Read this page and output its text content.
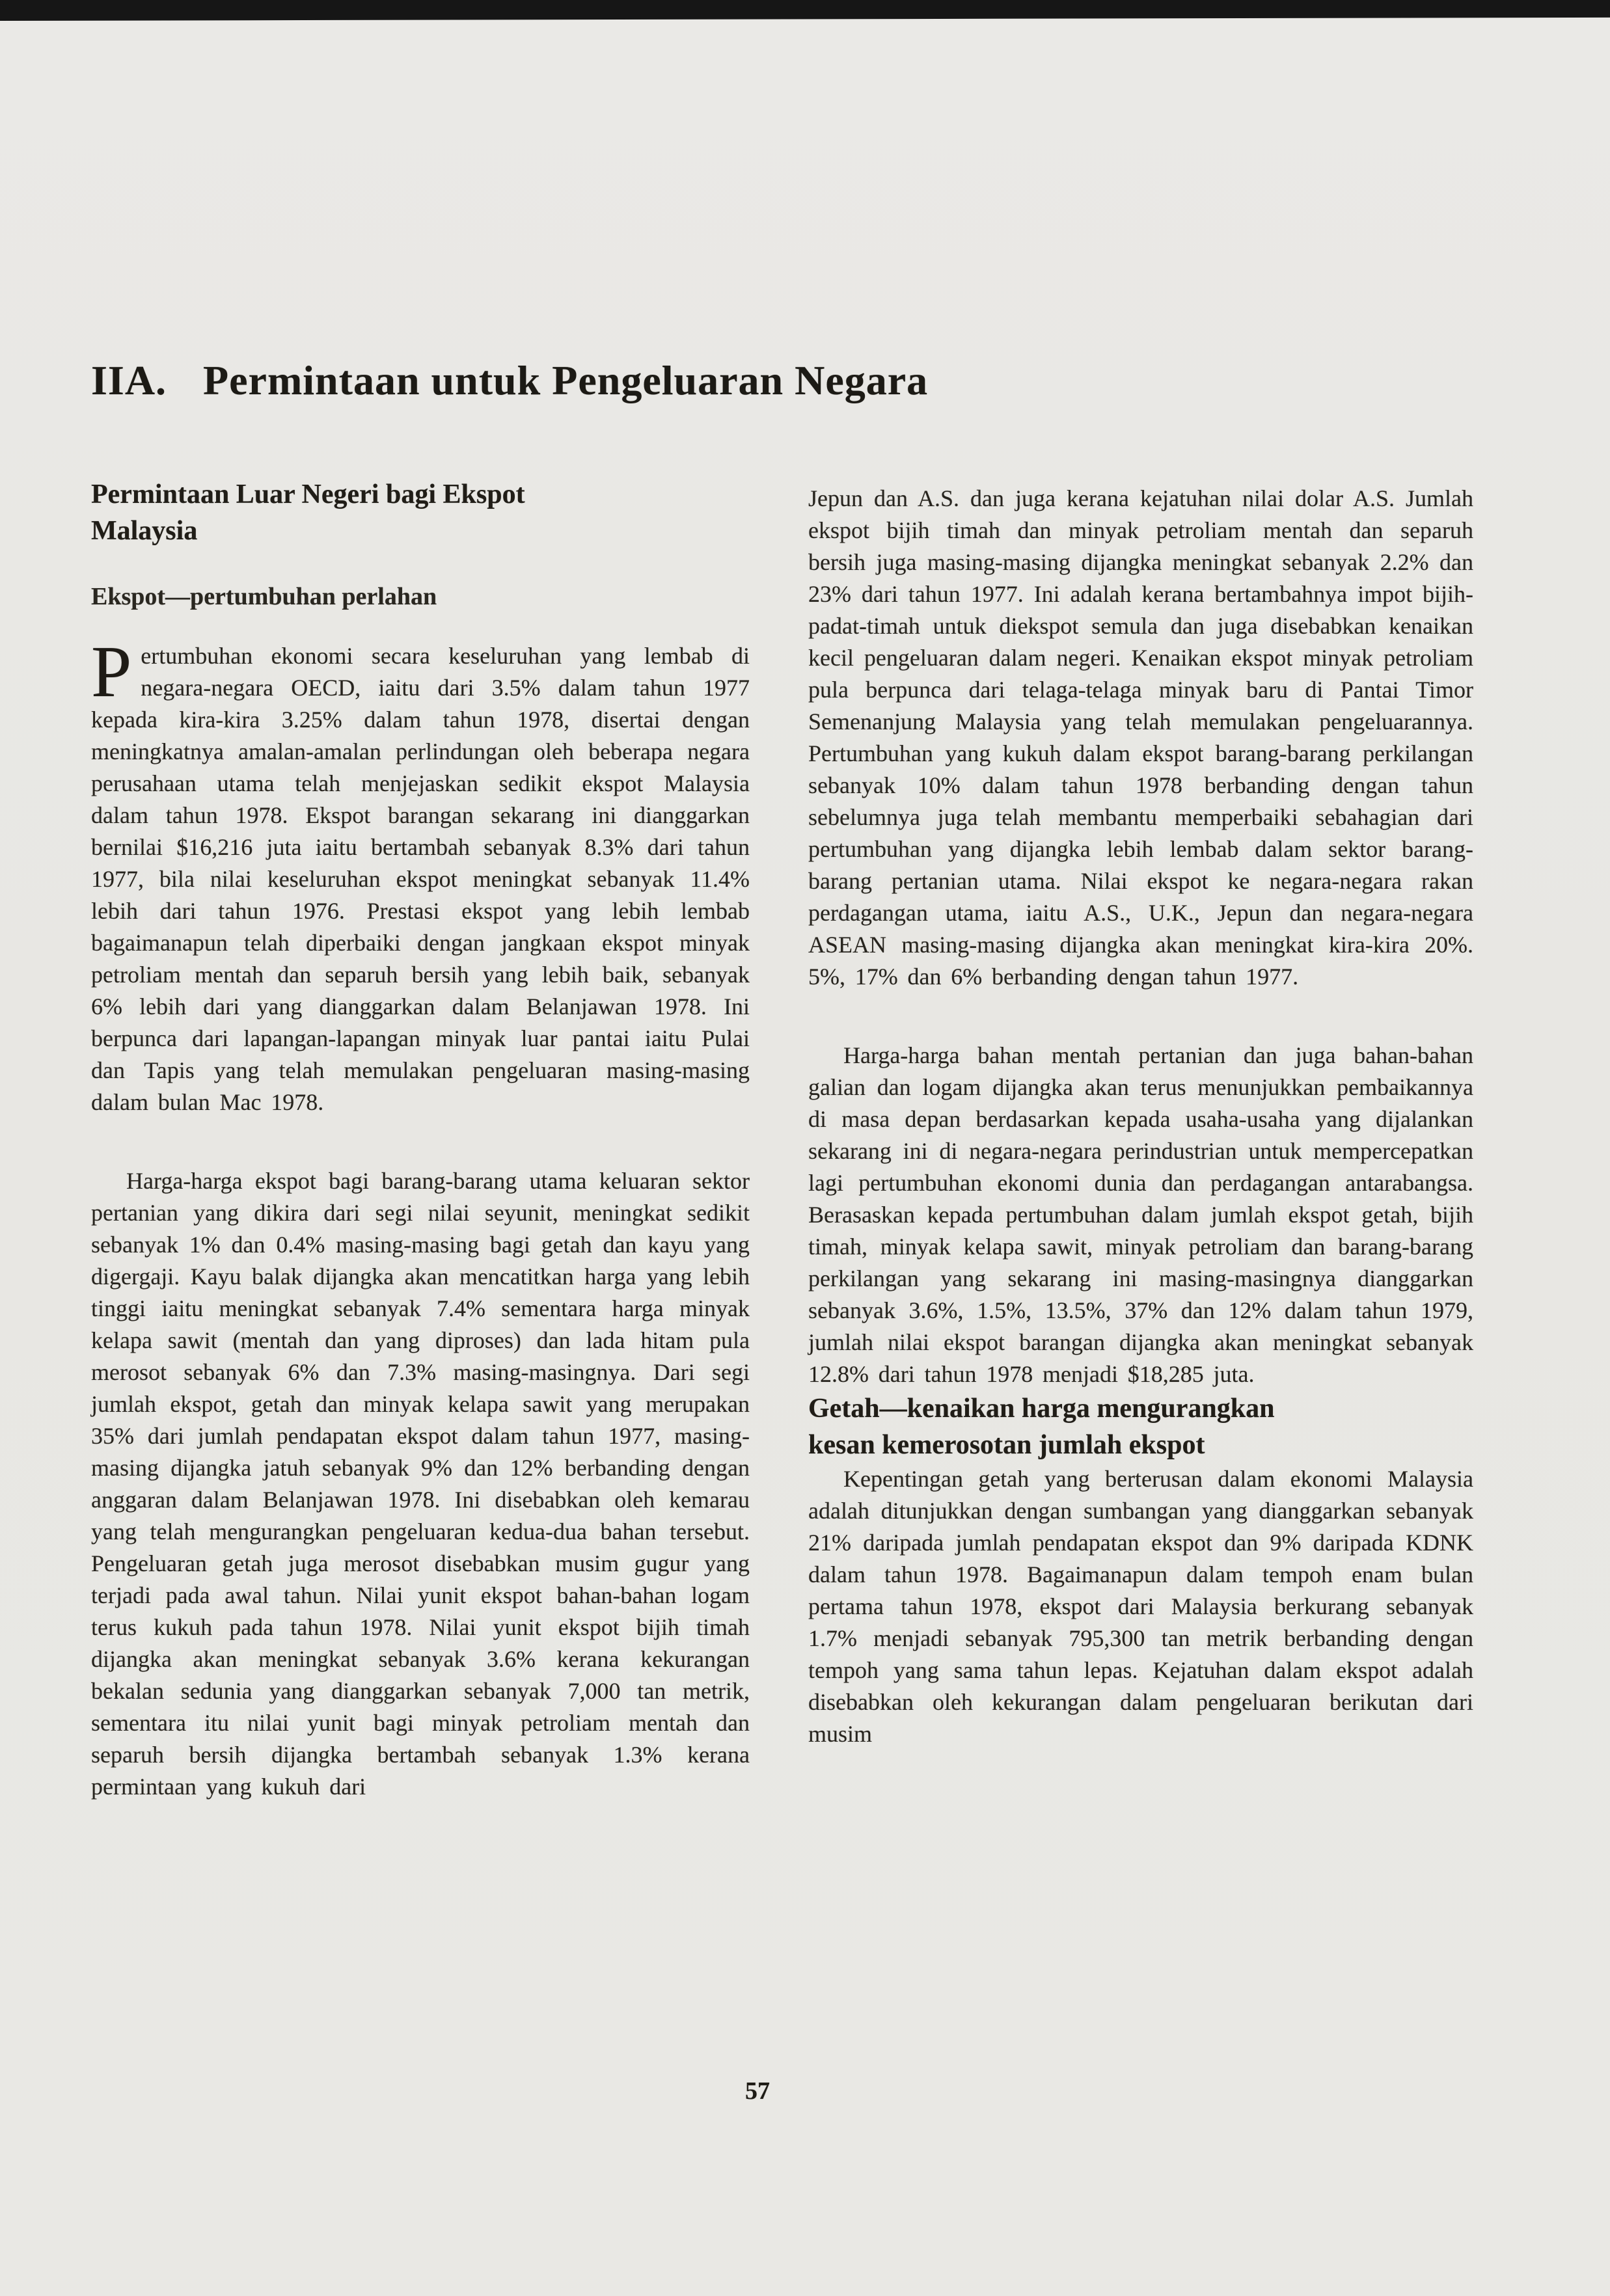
IIA. Permintaan untuk Pengeluaran Negara
Permintaan Luar Negeri bagi Ekspot
Malaysia
Ekspot—pertumbuhan perlahan

Pertumbuhan ekonomi secara keseluruhan yang lembab di negara-negara OECD, iaitu dari 3.5% dalam tahun 1977 kepada kira-kira 3.25% dalam tahun 1978, disertai dengan meningkatnya amalan-amalan perlindungan oleh beberapa negara perusahaan utama telah menjejaskan sedikit ekspot Malaysia dalam tahun 1978. Ekspot barangan sekarang ini dianggarkan bernilai $16,216 juta iaitu bertambah sebanyak 8.3% dari tahun 1977, bila nilai keseluruhan ekspot meningkat sebanyak 11.4% lebih dari tahun 1976. Prestasi ekspot yang lebih lembab bagaimanapun telah diperbaiki dengan jangkaan ekspot minyak petroliam mentah dan separuh bersih yang lebih baik, sebanyak 6% lebih dari yang dianggarkan dalam Belanjawan 1978. Ini berpunca dari lapangan-lapangan minyak luar pantai iaitu Pulai dan Tapis yang telah memulakan pengeluaran masing-masing dalam bulan Mac 1978.

Harga-harga ekspot bagi barang-barang utama keluaran sektor pertanian yang dikira dari segi nilai seyunit, meningkat sedikit sebanyak 1% dan 0.4% masing-masing bagi getah dan kayu yang digergaji. Kayu balak dijangka akan mencatitkan harga yang lebih tinggi iaitu meningkat sebanyak 7.4% sementara harga minyak kelapa sawit (mentah dan yang diproses) dan lada hitam pula merosot sebanyak 6% dan 7.3% masing-masingnya. Dari segi jumlah ekspot, getah dan minyak kelapa sawit yang merupakan 35% dari jumlah pendapatan ekspot dalam tahun 1977, masing-masing dijangka jatuh sebanyak 9% dan 12% berbanding dengan anggaran dalam Belanjawan 1978. Ini disebabkan oleh kemarau yang telah mengurangkan pengeluaran kedua-dua bahan tersebut. Pengeluaran getah juga merosot disebabkan musim gugur yang terjadi pada awal tahun. Nilai yunit ekspot bahan-bahan logam terus kukuh pada tahun 1978. Nilai yunit ekspot bijih timah dijangka akan meningkat sebanyak 3.6% kerana kekurangan bekalan sedunia yang dianggarkan sebanyak 7,000 tan metrik, sementara itu nilai yunit bagi minyak petroliam mentah dan separuh bersih dijangka bertambah sebanyak 1.3% kerana permintaan yang kukuh dari

Jepun dan A.S. dan juga kerana kejatuhan nilai dolar A.S. Jumlah ekspot bijih timah dan minyak petroliam mentah dan separuh bersih juga masing-masing dijangka meningkat sebanyak 2.2% dan 23% dari tahun 1977. Ini adalah kerana bertambahnya impot bijih-padat-timah untuk diekspot semula dan juga disebabkan kenaikan kecil pengeluaran dalam negeri. Kenaikan ekspot minyak petroliam pula berpunca dari telaga-telaga minyak baru di Pantai Timor Semenanjung Malaysia yang telah memulakan pengeluarannya. Pertumbuhan yang kukuh dalam ekspot barang-barang perkilangan sebanyak 10% dalam tahun 1978 berbanding dengan tahun sebelumnya juga telah membantu memperbaiki sebahagian dari pertumbuhan yang dijangka lebih lembab dalam sektor barang-barang pertanian utama. Nilai ekspot ke negara-negara rakan perdagangan utama, iaitu A.S., U.K., Jepun dan negara-negara ASEAN masing-masing dijangka akan meningkat kira-kira 20%. 5%, 17% dan 6% berbanding dengan tahun 1977.

Harga-harga bahan mentah pertanian dan juga bahan-bahan galian dan logam dijangka akan terus menunjukkan pembaikannya di masa depan berdasarkan kepada usaha-usaha yang dijalankan sekarang ini di negara-negara perindustrian untuk mempercepatkan lagi pertumbuhan ekonomi dunia dan perdagangan antarabangsa. Berasaskan kepada pertumbuhan dalam jumlah ekspot getah, bijih timah, minyak kelapa sawit, minyak petroliam dan barang-barang perkilangan yang sekarang ini masing-masingnya dianggarkan sebanyak 3.6%, 1.5%, 13.5%, 37% dan 12% dalam tahun 1979, jumlah nilai ekspot barangan dijangka akan meningkat sebanyak 12.8% dari tahun 1978 menjadi $18,285 juta.

Getah—kenaikan harga mengurangkan
kesan kemerosotan jumlah ekspot

Kepentingan getah yang berterusan dalam ekonomi Malaysia adalah ditunjukkan dengan sumbangan yang dianggarkan sebanyak 21% daripada jumlah pendapatan ekspot dan 9% daripada KDNK dalam tahun 1978. Bagaimanapun dalam tempoh enam bulan pertama tahun 1978, ekspot dari Malaysia berkurang sebanyak 1.7% menjadi sebanyak 795,300 tan metrik berbanding dengan tempoh yang sama tahun lepas. Kejatuhan dalam ekspot adalah disebabkan oleh kekurangan dalam pengeluaran berikutan dari musim

57
